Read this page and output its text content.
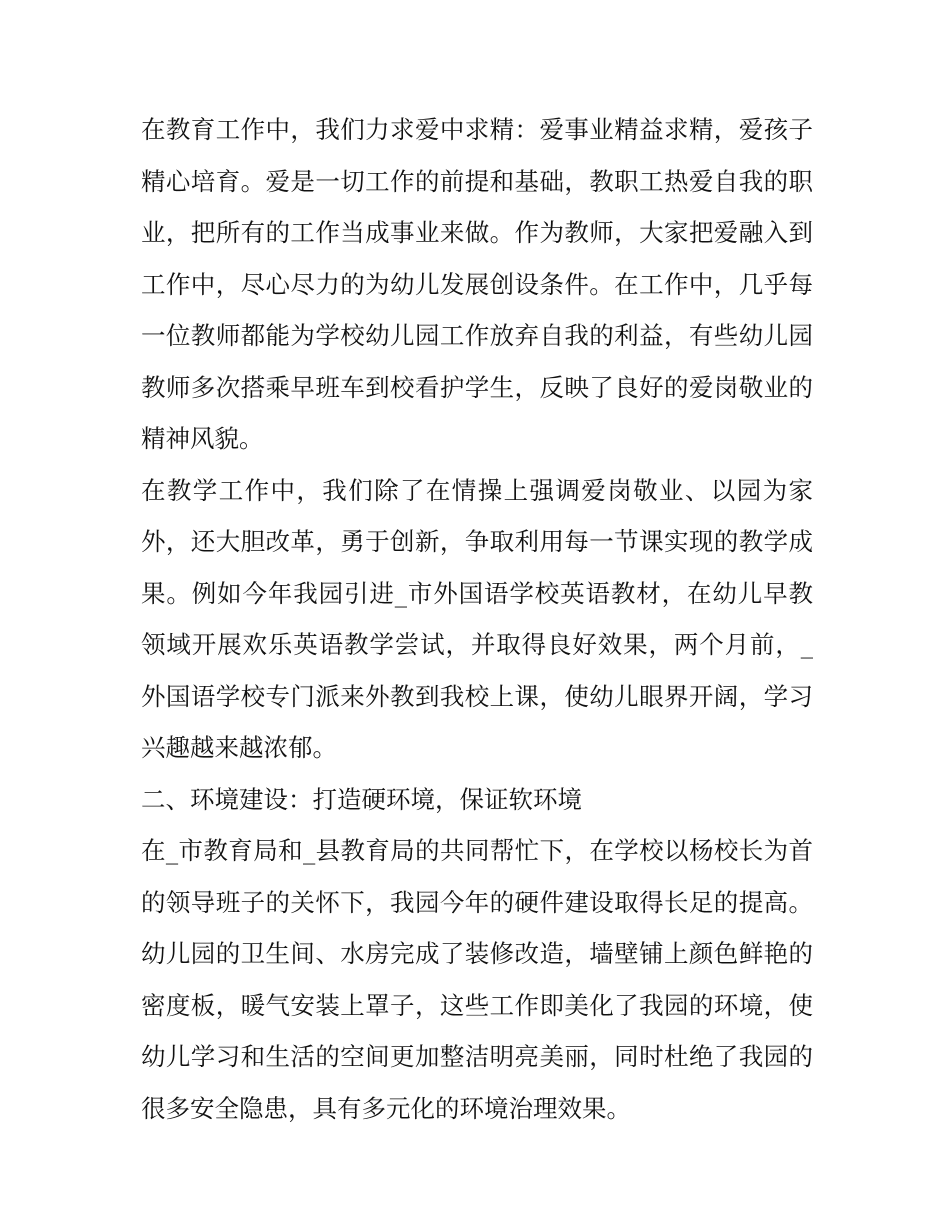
在教育工作中，我们力求爱中求精：爱事业精益求精，爱孩子
精心培育。爱是一切工作的前提和基础，教职工热爱自我的职
业，把所有的工作当成事业来做。作为教师，大家把爱融入到
工作中，尽心尽力的为幼儿发展创设条件。在工作中，几乎每
一位教师都能为学校幼儿园工作放弃自我的利益，有些幼儿园
教师多次搭乘早班车到校看护学生，反映了良好的爱岗敬业的
精神风貌。
在教学工作中，我们除了在情操上强调爱岗敬业、以园为家
外，还大胆改革，勇于创新，争取利用每一节课实现的教学成
果。例如今年我园引进_市外国语学校英语教材，在幼儿早教
领域开展欢乐英语教学尝试，并取得良好效果，两个月前，_
外国语学校专门派来外教到我校上课，使幼儿眼界开阔，学习
兴趣越来越浓郁。
二、环境建设：打造硬环境，保证软环境
在_市教育局和_县教育局的共同帮忙下，在学校以杨校长为首
的领导班子的关怀下，我园今年的硬件建设取得长足的提高。
幼儿园的卫生间、水房完成了装修改造，墙壁铺上颜色鲜艳的
密度板，暖气安装上罩子，这些工作即美化了我园的环境，使
幼儿学习和生活的空间更加整洁明亮美丽，同时杜绝了我园的
很多安全隐患，具有多元化的环境治理效果。
